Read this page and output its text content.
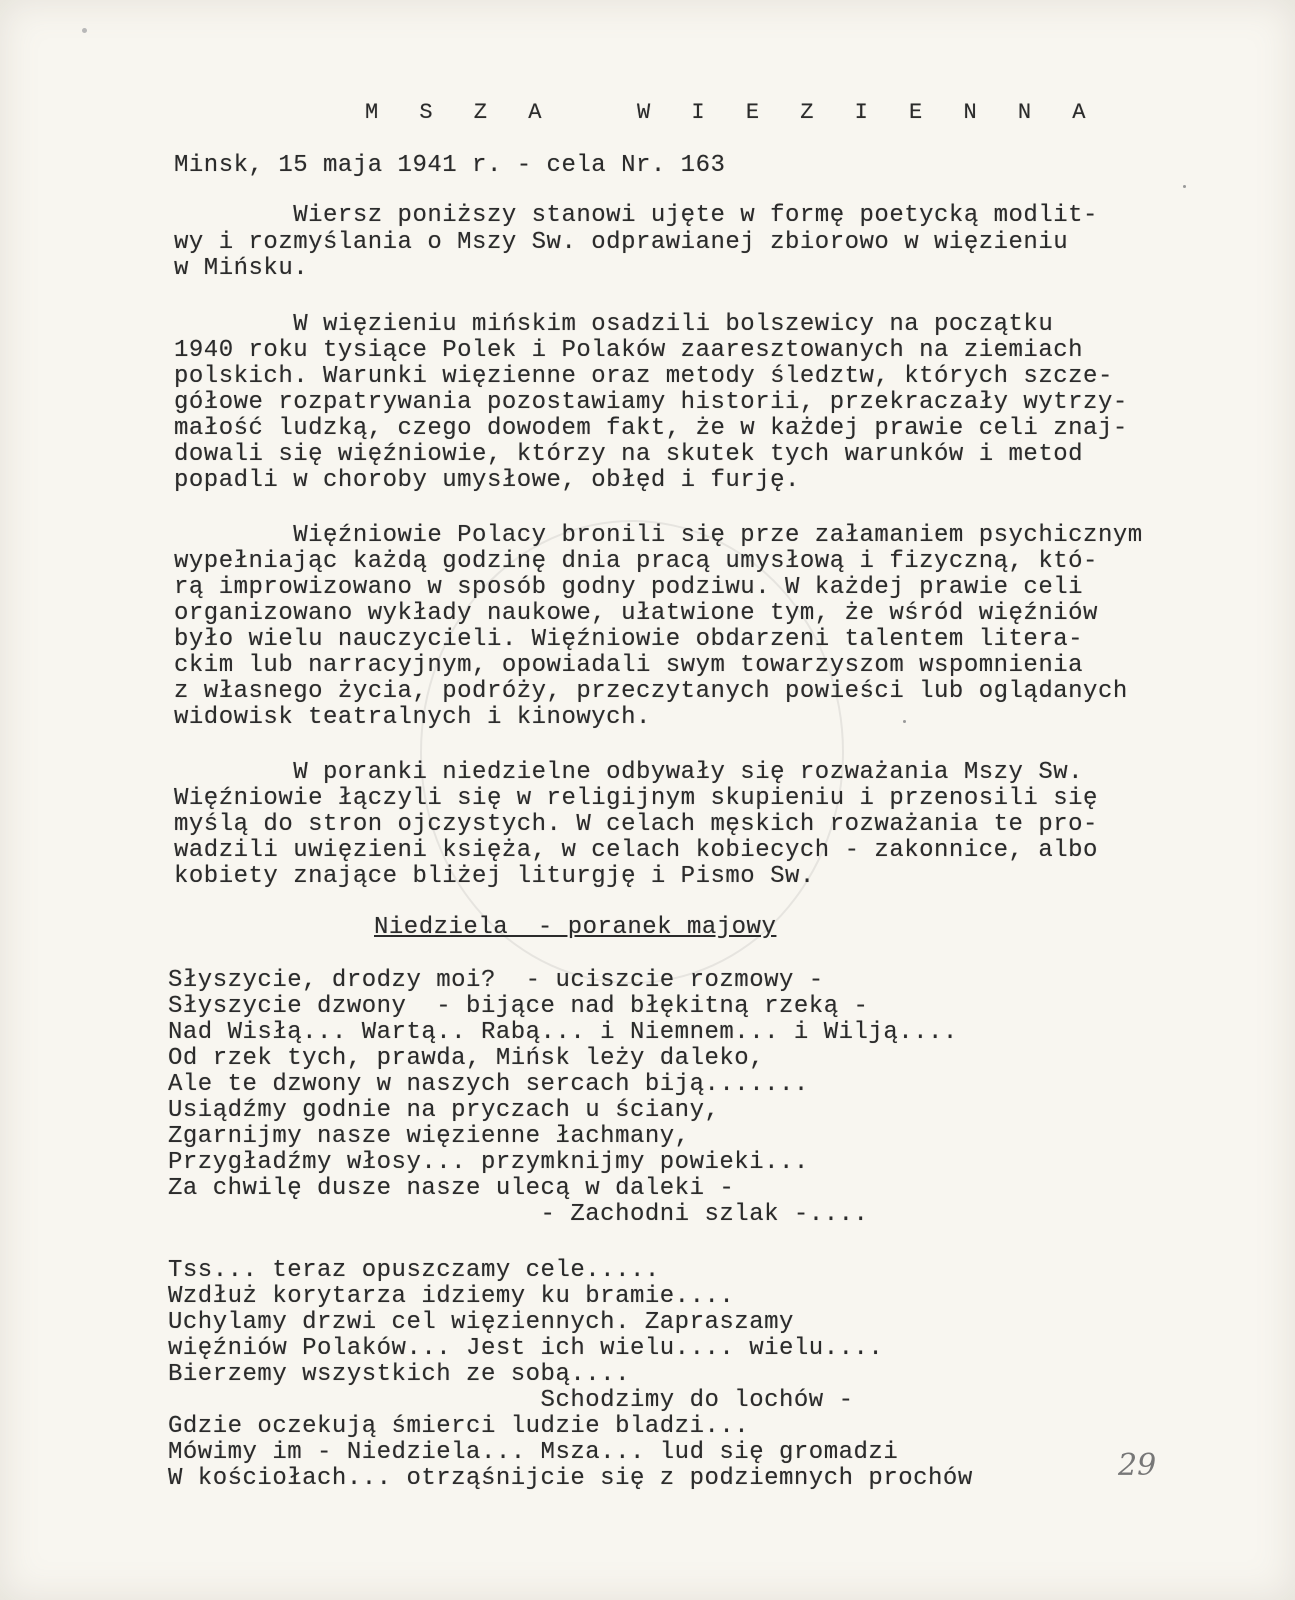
M S Z A   W I E Z I E N N A
Minsk, 15 maja 1941 r. - cela Nr. 163
Wiersz poniższy stanowi ujęte w formę poetycką modlit-
wy i rozmyślania o Mszy Sw. odprawianej zbiorowo w więzieniu
w Mińsku.
W więzieniu mińskim osadzili bolszewicy na początku
1940 roku tysiące Polek i Polaków zaaresztowanych na ziemiach
polskich. Warunki więzienne oraz metody śledztw, których szcze-
gółowe rozpatrywania pozostawiamy historii, przekraczały wytrzy-
małość ludzką, czego dowodem fakt, że w każdej prawie celi znaj-
dowali się więźniowie, którzy na skutek tych warunków i metod
popadli w choroby umysłowe, obłęd i furję.
Więźniowie Polacy bronili się prze załamaniem psychicznym
wypełniając każdą godzinę dnia pracą umysłową i fizyczną, któ-
rą improwizowano w sposób godny podziwu. W każdej prawie celi
organizowano wykłady naukowe, ułatwione tym, że wśród więźniów
było wielu nauczycieli. Więźniowie obdarzeni talentem litera-
ckim lub narracyjnym, opowiadali swym towarzyszom wspomnienia
z własnego życia, podróży, przeczytanych powieści lub oglądanych
widowisk teatralnych i kinowych.
W poranki niedzielne odbywały się rozważania Mszy Sw.
Więźniowie łączyli się w religijnym skupieniu i przenosili się
myślą do stron ojczystych. W celach męskich rozważania te pro-
wadzili uwięzieni księża, w celach kobiecych - zakonnice, albo
kobiety znające bliżej liturgję i Pismo Sw.
Niedziela  - poranek majowy
Słyszycie, drodzy moi?  - uciszcie rozmowy -
Słyszycie dzwony  - bijące nad błękitną rzeką -
Nad Wisłą... Wartą.. Rabą... i Niemnem... i Wilją....
Od rzek tych, prawda, Mińsk leży daleko,
Ale te dzwony w naszych sercach biją.......
Usiądźmy godnie na pryczach u ściany,
Zgarnijmy nasze więzienne łachmany,
Przygładźmy włosy... przymknijmy powieki...
Za chwilę dusze nasze ulecą w daleki -
- Zachodni szlak -....
Tss... teraz opuszczamy cele.....
Wzdłuż korytarza idziemy ku bramie....
Uchylamy drzwi cel więziennych. Zapraszamy
więźniów Polaków... Jest ich wielu.... wielu....
Bierzemy wszystkich ze sobą....
Schodzimy do lochów -
Gdzie oczekują śmierci ludzie bladzi...
Mówimy im - Niedziela... Msza... lud się gromadzi
W kościołach... otrząśnijcie się z podziemnych prochów	29
